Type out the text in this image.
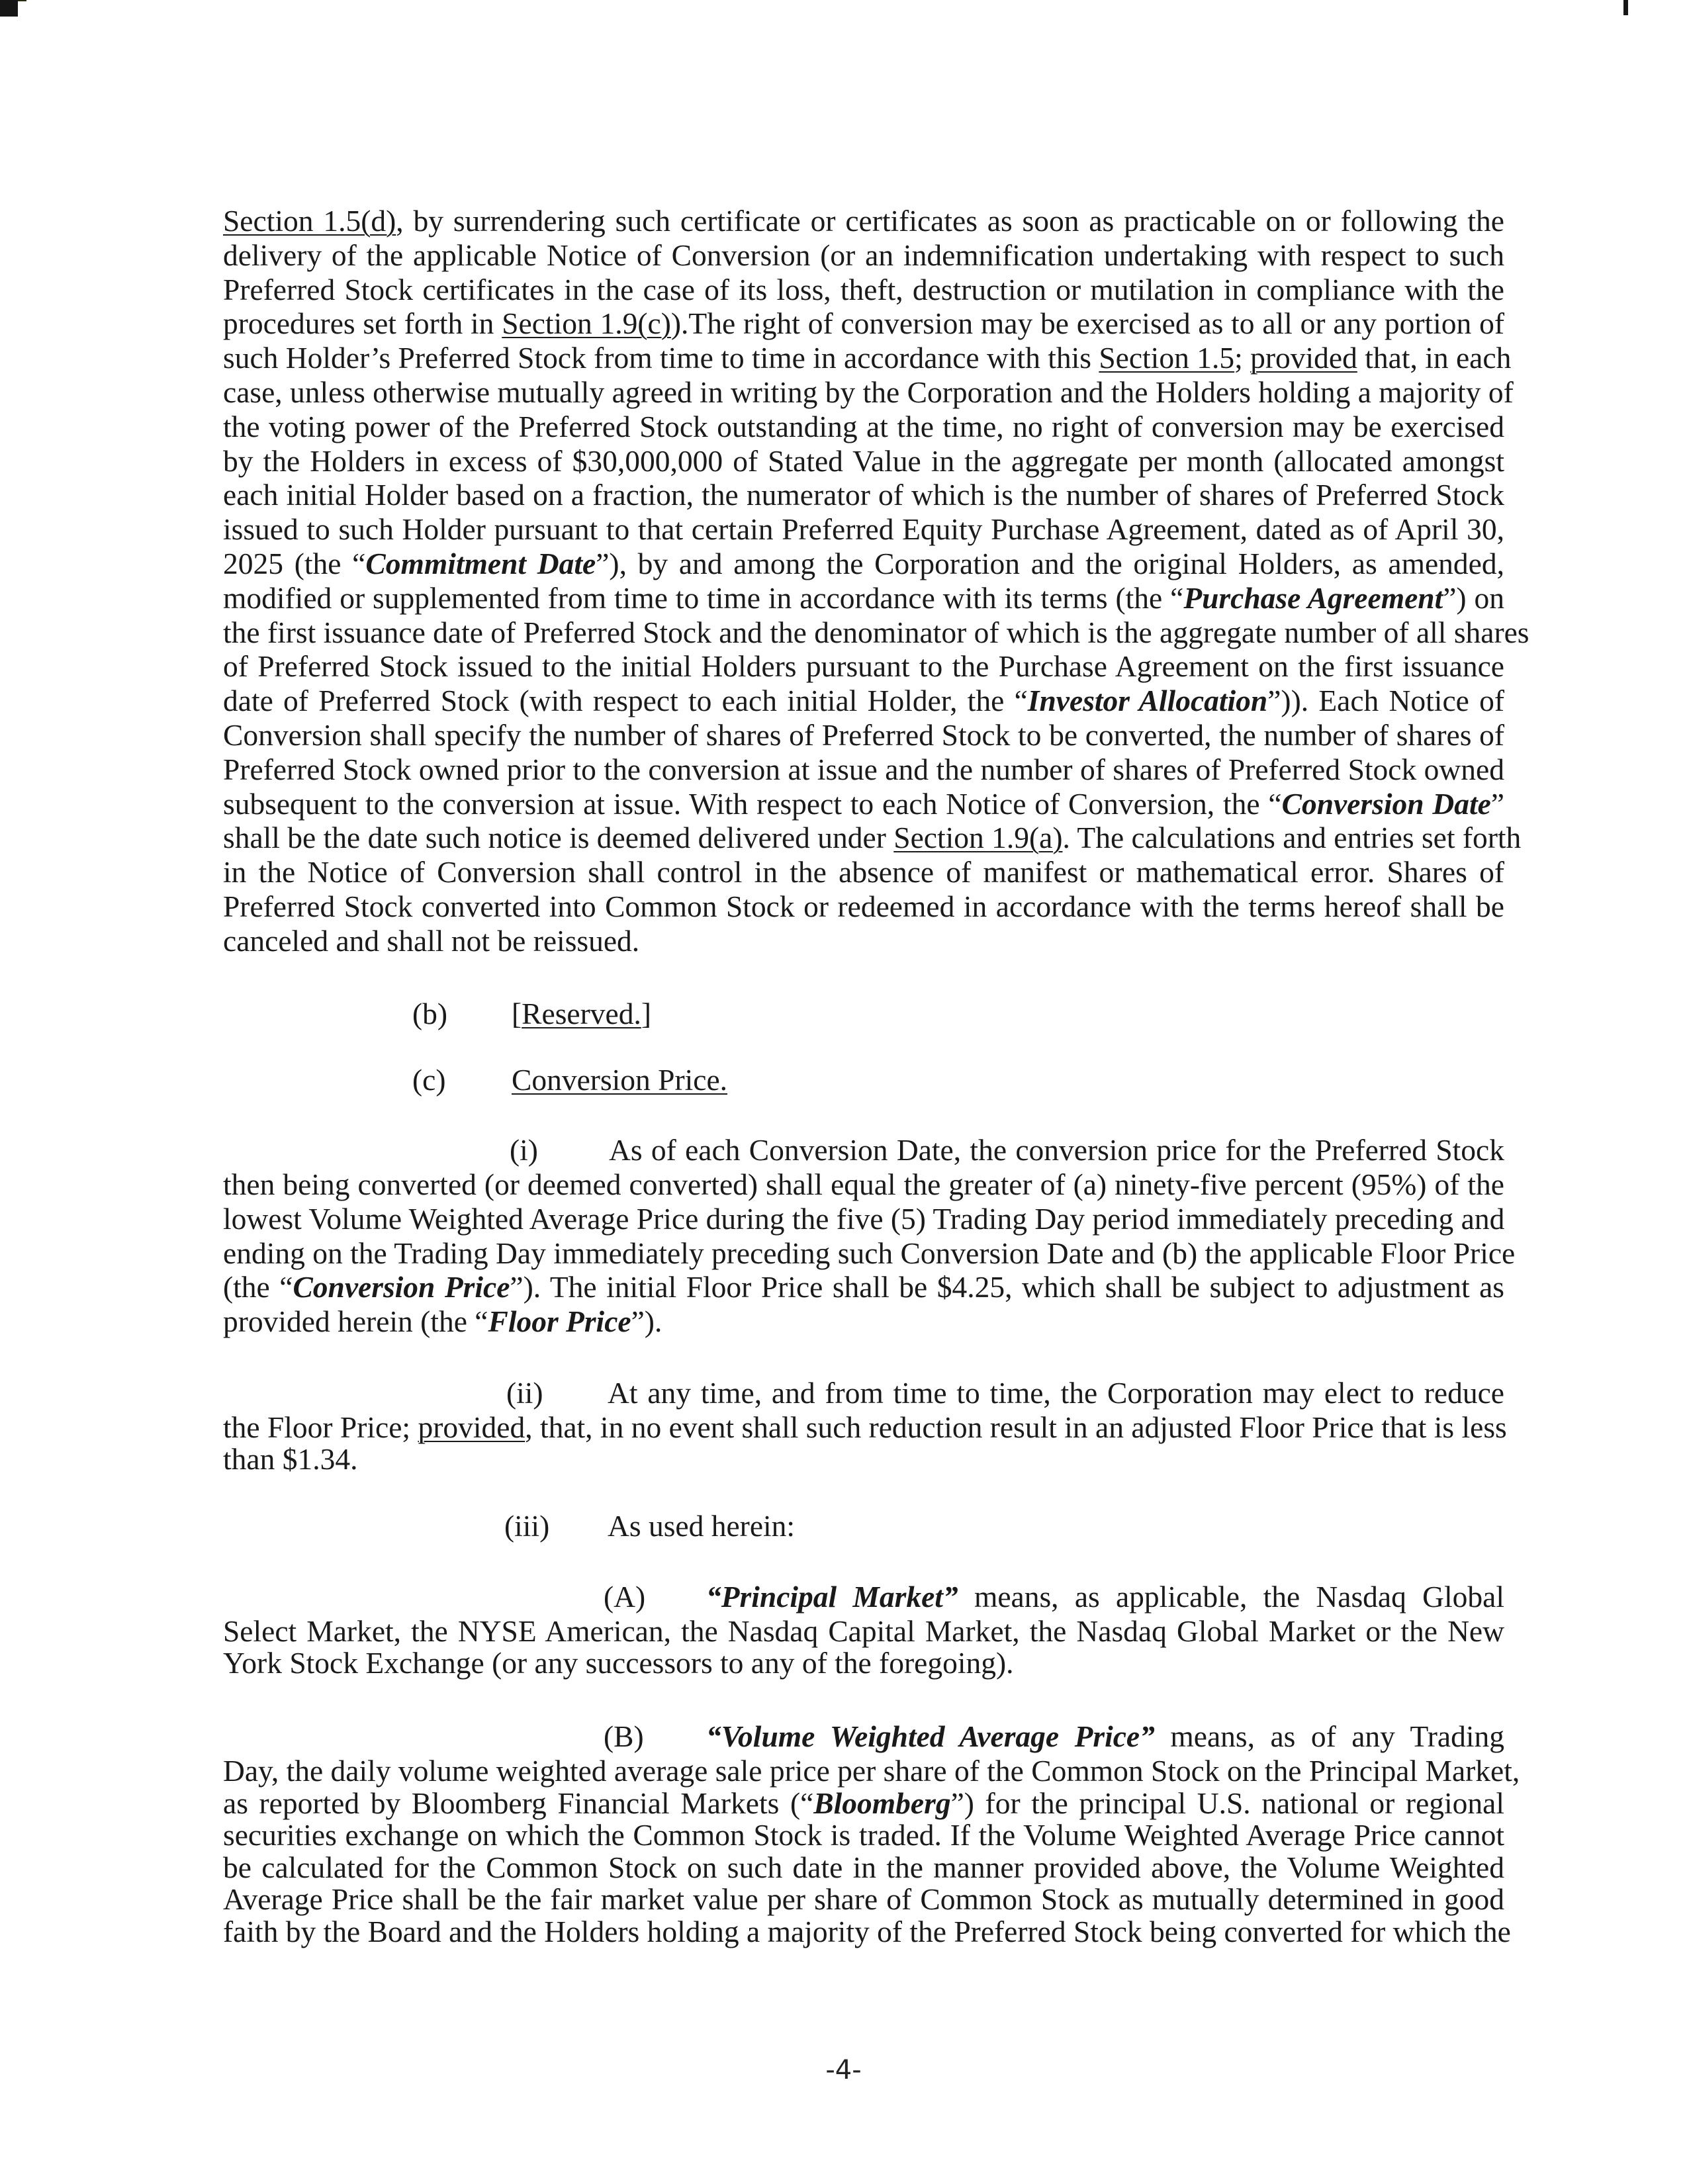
Section 1.5(d), by surrendering such certificate or certificates as soon as practicable on or following the
delivery of the applicable Notice of Conversion (or an indemnification undertaking with respect to such
Preferred Stock certificates in the case of its loss, theft, destruction or mutilation in compliance with the
procedures set forth in Section 1.9(c)).The right of conversion may be exercised as to all or any portion of
such Holder’s Preferred Stock from time to time in accordance with this Section 1.5; provided that, in each
case, unless otherwise mutually agreed in writing by the Corporation and the Holders holding a majority of
the voting power of the Preferred Stock outstanding at the time, no right of conversion may be exercised
by the Holders in excess of $30,000,000 of Stated Value in the aggregate per month (allocated amongst
each initial Holder based on a fraction, the numerator of which is the number of shares of Preferred Stock
issued to such Holder pursuant to that certain Preferred Equity Purchase Agreement, dated as of April 30,
2025 (the “Commitment Date”), by and among the Corporation and the original Holders, as amended,
modified or supplemented from time to time in accordance with its terms (the “Purchase Agreement”) on
the first issuance date of Preferred Stock and the denominator of which is the aggregate number of all shares
of Preferred Stock issued to the initial Holders pursuant to the Purchase Agreement on the first issuance
date of Preferred Stock (with respect to each initial Holder, the “Investor Allocation”)). Each Notice of
Conversion shall specify the number of shares of Preferred Stock to be converted, the number of shares of
Preferred Stock owned prior to the conversion at issue and the number of shares of Preferred Stock owned
subsequent to the conversion at issue. With respect to each Notice of Conversion, the “Conversion Date”
shall be the date such notice is deemed delivered under Section 1.9(a). The calculations and entries set forth
in the Notice of Conversion shall control in the absence of manifest or mathematical error. Shares of
Preferred Stock converted into Common Stock or redeemed in accordance with the terms hereof shall be
canceled and shall not be reissued.
(b) [Reserved.]
(c) Conversion Price.
(i) As of each Conversion Date, the conversion price for the Preferred Stock
then being converted (or deemed converted) shall equal the greater of (a) ninety-five percent (95%) of the
lowest Volume Weighted Average Price during the five (5) Trading Day period immediately preceding and
ending on the Trading Day immediately preceding such Conversion Date and (b) the applicable Floor Price
(the “Conversion Price”). The initial Floor Price shall be $4.25, which shall be subject to adjustment as
provided herein (the “Floor Price”).
(ii) At any time, and from time to time, the Corporation may elect to reduce
the Floor Price; provided, that, in no event shall such reduction result in an adjusted Floor Price that is less
than $1.34.
(iii) As used herein:
(A) “Principal Market” means, as applicable, the Nasdaq Global
Select Market, the NYSE American, the Nasdaq Capital Market, the Nasdaq Global Market or the New
York Stock Exchange (or any successors to any of the foregoing).
(B) “Volume Weighted Average Price” means, as of any Trading
Day, the daily volume weighted average sale price per share of the Common Stock on the Principal Market,
as reported by Bloomberg Financial Markets (“Bloomberg”) for the principal U.S. national or regional
securities exchange on which the Common Stock is traded. If the Volume Weighted Average Price cannot
be calculated for the Common Stock on such date in the manner provided above, the Volume Weighted
Average Price shall be the fair market value per share of Common Stock as mutually determined in good
faith by the Board and the Holders holding a majority of the Preferred Stock being converted for which the
-4-
